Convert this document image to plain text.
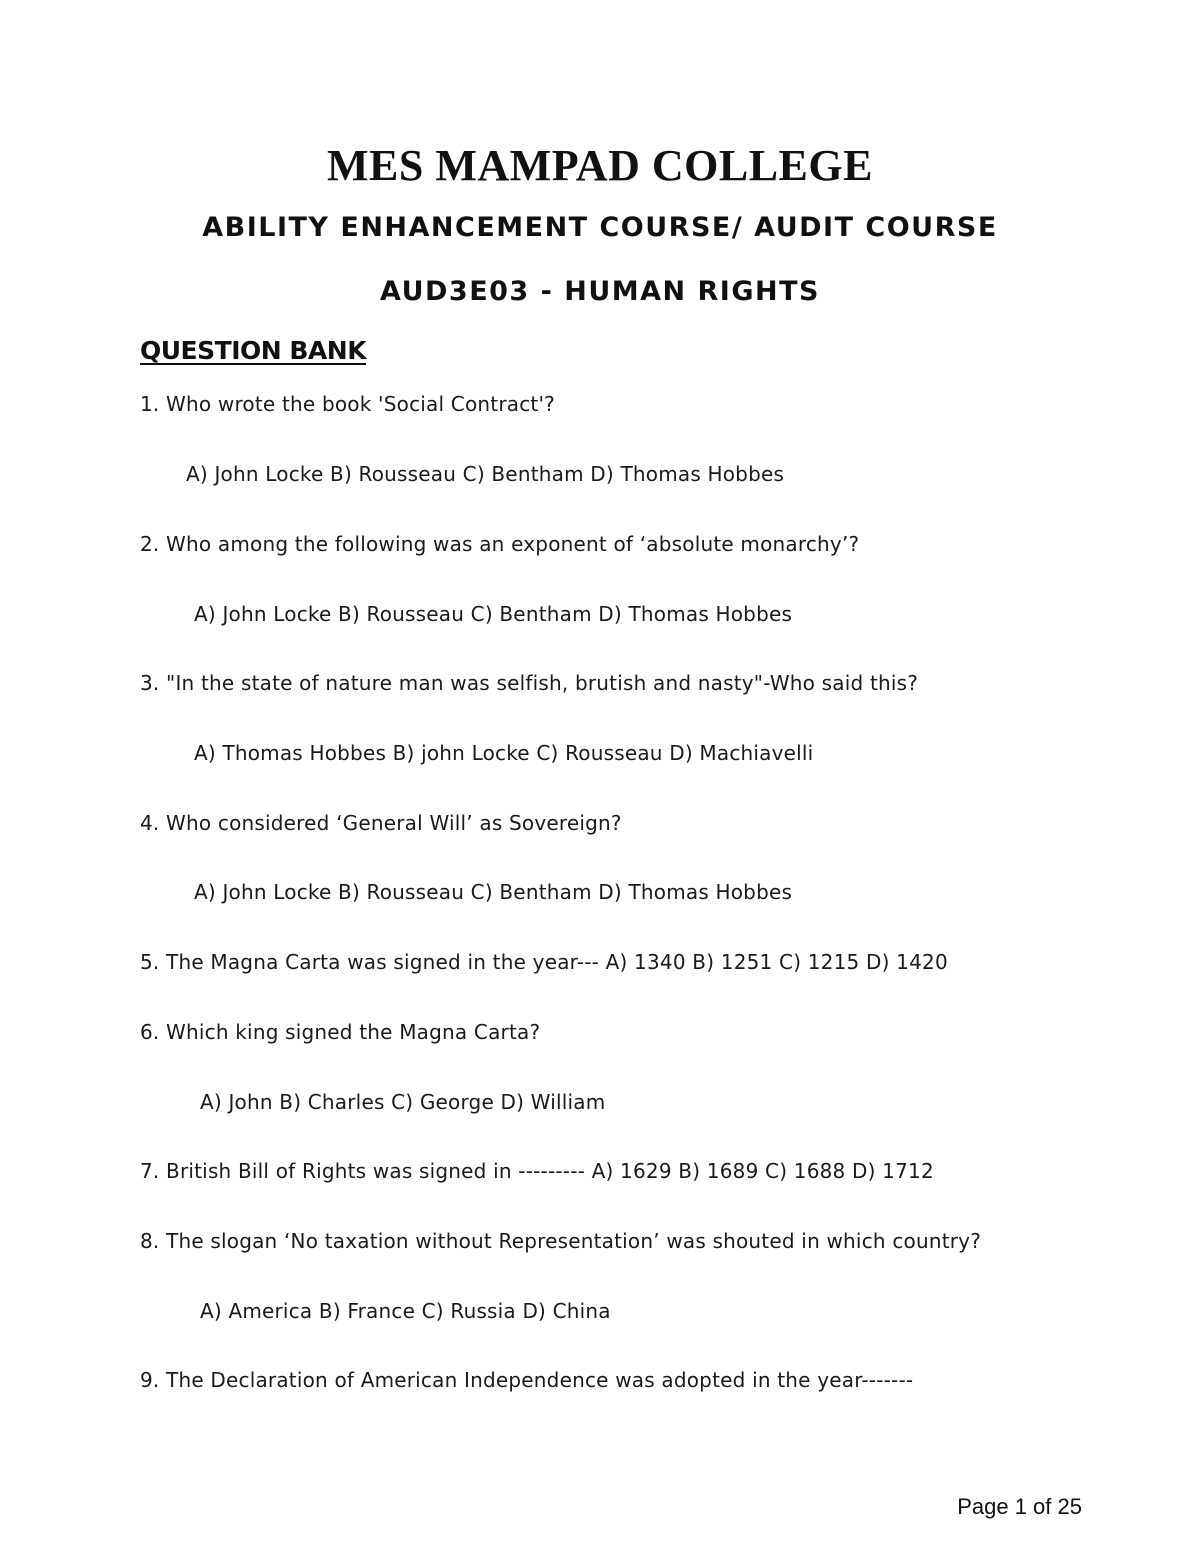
MES MAMPAD COLLEGE
ABILITY ENHANCEMENT COURSE/ AUDIT COURSE
AUD3E03 - HUMAN RIGHTS
QUESTION BANK
1. Who wrote the book 'Social Contract'?
A) John Locke B) Rousseau C) Bentham D) Thomas Hobbes
2. Who among the following was an exponent of ‘absolute monarchy’?
A) John Locke B) Rousseau C) Bentham D) Thomas Hobbes
3. "In the state of nature man was selfish, brutish and nasty"-Who said this?
A) Thomas Hobbes B) john Locke C) Rousseau D) Machiavelli
4. Who considered ‘General Will’ as Sovereign?
A) John Locke B) Rousseau C) Bentham D) Thomas Hobbes
5. The Magna Carta was signed in the year--- A) 1340 B) 1251 C) 1215 D) 1420
6. Which king signed the Magna Carta?
A) John B) Charles C) George D) William
7. British Bill of Rights was signed in --------- A) 1629 B) 1689 C) 1688 D) 1712
8. The slogan ‘No taxation without Representation’ was shouted in which country?
A) America B) France C) Russia D) China
9. The Declaration of American Independence was adopted in the year-------
Page 1 of 25
